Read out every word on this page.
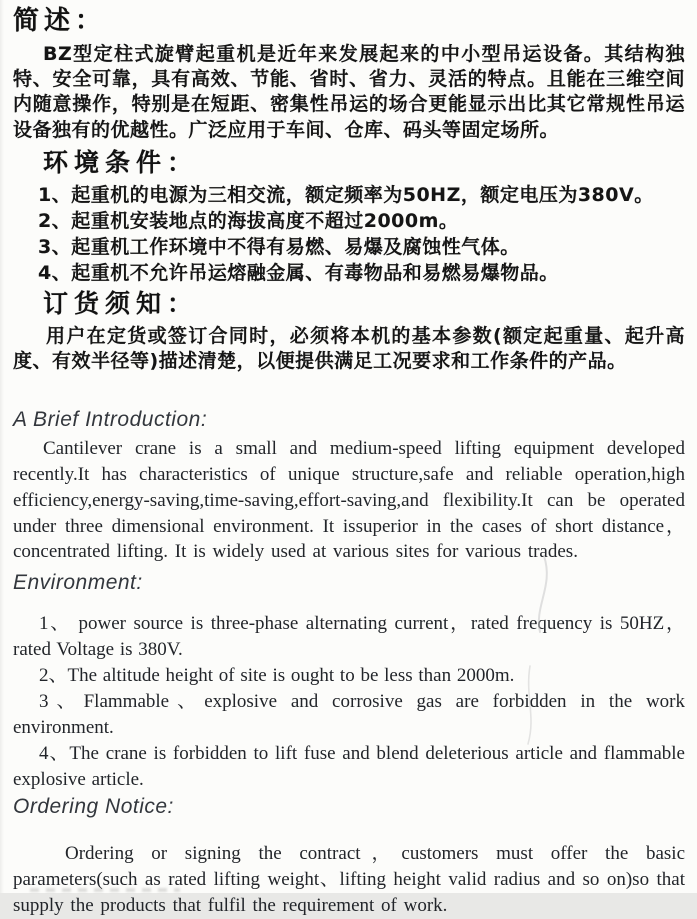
简述：

BZ型定柱式旋臂起重机是近年来发展起来的中小型吊运设备。其结构独特、安全可靠，具有高效、节能、省时、省力、灵活的特点。且能在三维空间内随意操作，特别是在短距、密集性吊运的场合更能显示出比其它常规性吊运设备独有的优越性。广泛应用于车间、仓库、码头等固定场所。

环境条件：

1、起重机的电源为三相交流，额定频率为50HZ，额定电压为380V。

2、起重机安装地点的海拔高度不超过2000m。

3、起重机工作环境中不得有易燃、易爆及腐蚀性气体。

4、起重机不允许吊运熔融金属、有毒物品和易燃易爆物品。

订货须知：

用户在定货或签订合同时，必须将本机的基本参数(额定起重量、起升高度、有效半径等)描述清楚，以便提供满足工况要求和工作条件的产品。

A Brief Introduction:

Cantilever crane is a small and medium-speed lifting equipment developed recently.It has characteristics of unique structure,safe and reliable operation,high efficiency,energy-saving,time-saving,effort-saving,and flexibility.It can be operated under three dimensional environment. It issuperior in the cases of short distance，concentrated lifting. It is widely used at various sites for various trades.

Environment:

1、 power source is three-phase alternating current，rated frequency is 50HZ，rated Voltage is 380V.

2、The altitude height of site is ought to be less than 2000m.

3、Flammable、explosive and corrosive gas are forbidden in the work environment.

4、The crane is forbidden to lift fuse and blend deleterious article and flammable explosive article.

Ordering Notice:

Ordering or signing the contract，customers must offer the basic parameters(such as rated lifting weight、lifting height valid radius and so on)so that supply the products that fulfil the requirement of work.
